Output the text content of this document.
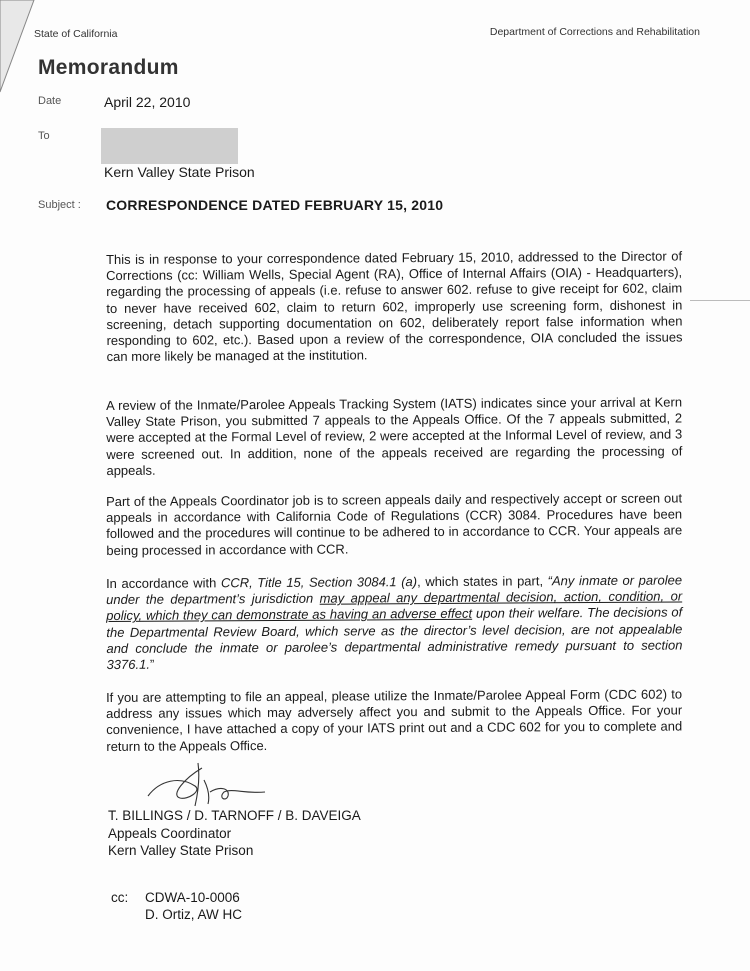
State of California	Department of Corrections and Rehabilitation
Memorandum
Date	April 22, 2010
To
Kern Valley State Prison
Subject : CORRESPONDENCE DATED FEBRUARY 15, 2010
This is in response to your correspondence dated February 15, 2010, addressed to the Director of Corrections (cc: William Wells, Special Agent (RA), Office of Internal Affairs (OIA) - Headquarters), regarding the processing of appeals (i.e. refuse to answer 602. refuse to give receipt for 602, claim to never have received 602, claim to return 602, improperly use screening form, dishonest in screening, detach supporting documentation on 602, deliberately report false information when responding to 602, etc.). Based upon a review of the correspondence, OIA concluded the issues can more likely be managed at the institution.
A review of the Inmate/Parolee Appeals Tracking System (IATS) indicates since your arrival at Kern Valley State Prison, you submitted 7 appeals to the Appeals Office. Of the 7 appeals submitted, 2 were accepted at the Formal Level of review, 2 were accepted at the Informal Level of review, and 3 were screened out. In addition, none of the appeals received are regarding the processing of appeals.
Part of the Appeals Coordinator job is to screen appeals daily and respectively accept or screen out appeals in accordance with California Code of Regulations (CCR) 3084. Procedures have been followed and the procedures will continue to be adhered to in accordance to CCR. Your appeals are being processed in accordance with CCR.
In accordance with CCR, Title 15, Section 3084.1 (a), which states in part, “Any inmate or parolee under the department’s jurisdiction may appeal any departmental decision, action, condition, or policy, which they can demonstrate as having an adverse effect upon their welfare. The decisions of the Departmental Review Board, which serve as the director’s level decision, are not appealable and conclude the inmate or parolee’s departmental administrative remedy pursuant to section 3376.1.”
If you are attempting to file an appeal, please utilize the Inmate/Parolee Appeal Form (CDC 602) to address any issues which may adversely affect you and submit to the Appeals Office. For your convenience, I have attached a copy of your IATS print out and a CDC 602 for you to complete and return to the Appeals Office.
T. BILLINGS / D. TARNOFF / B. DAVEIGA
Appeals Coordinator
Kern Valley State Prison
cc: CDWA-10-0006
D. Ortiz, AW HC
